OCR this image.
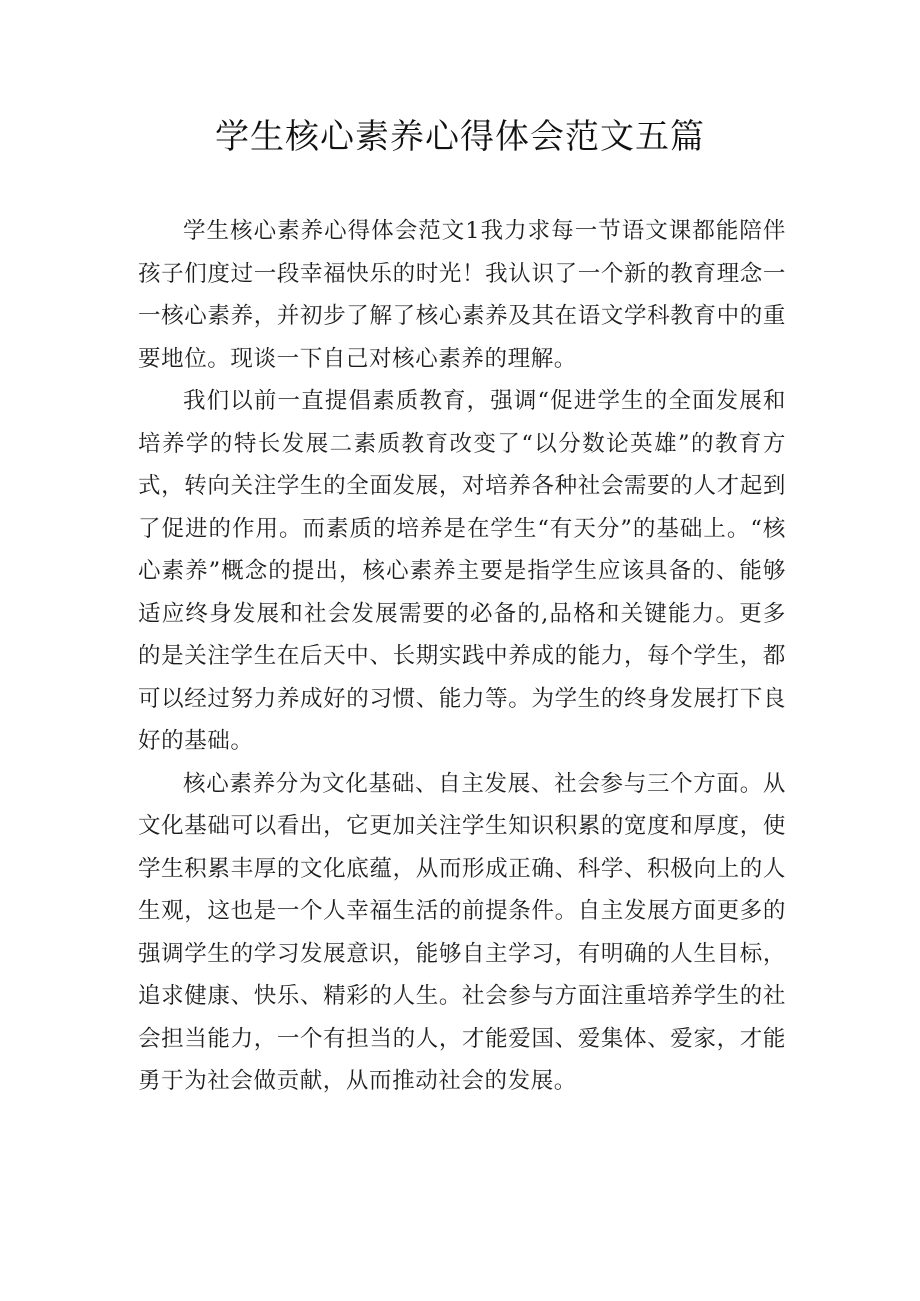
学生核心素养心得体会范文五篇

学生核心素养心得体会范文1我力求每一节语文课都能陪伴孩子们度过一段幸福快乐的时光！我认识了一个新的教育理念一一核心素养，并初步了解了核心素养及其在语文学科教育中的重要地位。现谈一下自己对核心素养的理解。

我们以前一直提倡素质教育，强调“促进学生的全面发展和培养学的特长发展二素质教育改变了“以分数论英雄”的教育方式，转向关注学生的全面发展，对培养各种社会需要的人才起到了促进的作用。而素质的培养是在学生“有天分”的基础上。“核心素养”概念的提出，核心素养主要是指学生应该具备的、能够适应终身发展和社会发展需要的必备的,品格和关键能力。更多的是关注学生在后天中、长期实践中养成的能力，每个学生，都可以经过努力养成好的习惯、能力等。为学生的终身发展打下良好的基础。

核心素养分为文化基础、自主发展、社会参与三个方面。从文化基础可以看出，它更加关注学生知识积累的宽度和厚度，使学生积累丰厚的文化底蕴，从而形成正确、科学、积极向上的人生观，这也是一个人幸福生活的前提条件。自主发展方面更多的强调学生的学习发展意识，能够自主学习，有明确的人生目标，追求健康、快乐、精彩的人生。社会参与方面注重培养学生的社会担当能力，一个有担当的人，才能爱国、爱集体、爱家，才能勇于为社会做贡献，从而推动社会的发展。
